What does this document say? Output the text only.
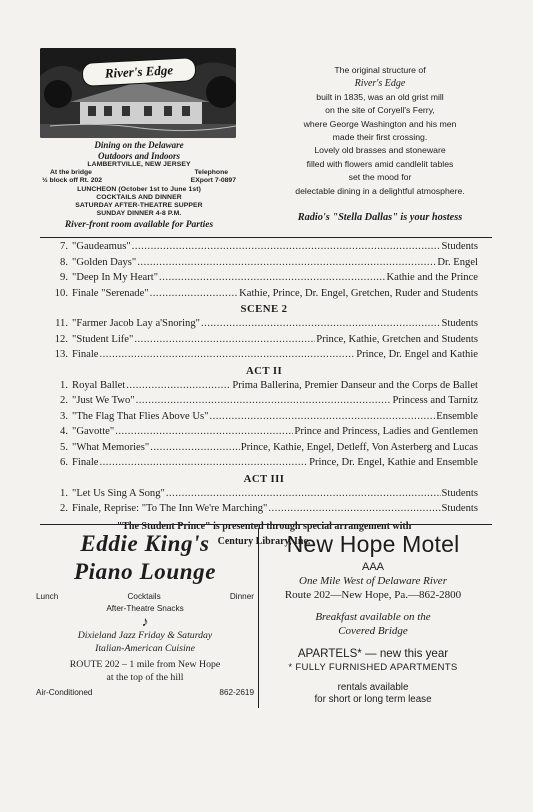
River's Edge
Dining on the Delaware
Outdoors and Indoors
LAMBERTVILLE, NEW JERSEY
At the bridge	Telephone
½ block off Rt. 202	EXport 7-0897
LUNCHEON (October 1st to June 1st)
COCKTAILS AND DINNER
SATURDAY AFTER-THEATRE SUPPER
SUNDAY DINNER 4-8 P.M.
River-front room available for Parties
The original structure of
River's Edge
built in 1835, was an old grist mill
on the site of Coryell's Ferry,
where George Washington and his men
made their first crossing.
Lovely old brasses and stoneware
filled with flowers amid candlelit tables
set the mood for
delectable dining in a delightful atmosphere.
Radio's "Stella Dallas" is your hostess
7. "Gaudeamus" .....	Students
8. "Golden Days" .....	Dr. Engel
9. "Deep In My Heart" .....	Kathie and the Prince
10. Finale "Serenade" .....	Kathie, Prince, Dr. Engel, Gretchen, Ruder and Students
SCENE 2
11. "Farmer Jacob Lay a'Snoring" .....	Students
12. "Student Life" .....	Prince, Kathie, Gretchen and Students
13. Finale .....	Prince, Dr. Engel and Kathie
ACT II
1. Royal Ballet .....	Prima Ballerina, Premier Danseur and the Corps de Ballet
2. "Just We Two" .....	Princess and Tarnitz
3. "The Flag That Flies Above Us" .....	Ensemble
4. "Gavotte" .....	Prince and Princess, Ladies and Gentlemen
5. "What Memories" .....	Prince, Kathie, Engel, Detleff, Von Asterberg and Lucas
6. Finale .....	Prince, Dr. Engel, Kathie and Ensemble
ACT III
1. "Let Us Sing A Song" .....	Students
2. Finale, Reprise: "To The Inn We're Marching" .....	Students
"The Student Prince" is presented through special arrangement with
Century Library, Inc.
Eddie King's
Piano Lounge
Lunch	Cocktails	Dinner
After-Theatre Snacks
♪
Dixieland Jazz Friday & Saturday
Italian-American Cuisine
ROUTE 202 – 1 mile from New Hope
at the top of the hill
Air-Conditioned	862-2619
New Hope Motel
AAA
One Mile West of Delaware River
Route 202—New Hope, Pa.—862-2800
Breakfast available on the
Covered Bridge
APARTELS* — new this year
* FULLY FURNISHED APARTMENTS
rentals available
for short or long term lease
